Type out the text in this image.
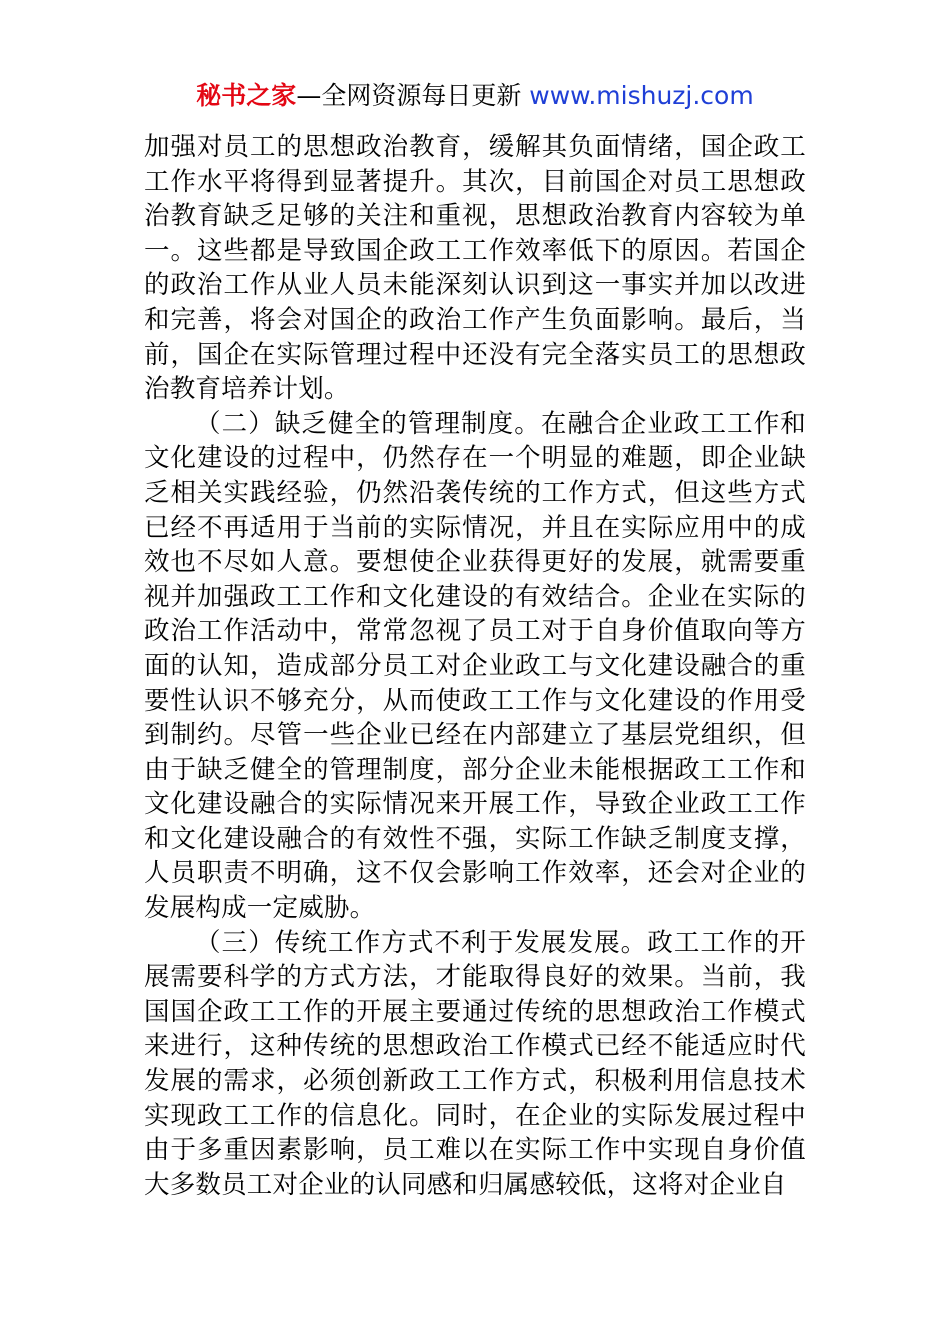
秘书之家—全网资源每日更新 www.mishuzj.com

加强对员工的思想政治教育，缓解其负面情绪，国企政工工作水平将得到显著提升。其次，目前国企对员工思想政治教育缺乏足够的关注和重视，思想政治教育内容较为单一。这些都是导致国企政工工作效率低下的原因。若国企的政治工作从业人员未能深刻认识到这一事实并加以改进和完善，将会对国企的政治工作产生负面影响。最后，当前，国企在实际管理过程中还没有完全落实员工的思想政治教育培养计划。

（二）缺乏健全的管理制度。在融合企业政工工作和文化建设的过程中，仍然存在一个明显的难题，即企业缺乏相关实践经验，仍然沿袭传统的工作方式，但这些方式已经不再适用于当前的实际情况，并且在实际应用中的成效也不尽如人意。要想使企业获得更好的发展，就需要重视并加强政工工作和文化建设的有效结合。企业在实际的政治工作活动中，常常忽视了员工对于自身价值取向等方面的认知，造成部分员工对企业政工与文化建设融合的重要性认识不够充分，从而使政工工作与文化建设的作用受到制约。尽管一些企业已经在内部建立了基层党组织，但由于缺乏健全的管理制度，部分企业未能根据政工工作和文化建设融合的实际情况来开展工作，导致企业政工工作和文化建设融合的有效性不强，实际工作缺乏制度支撑，人员职责不明确，这不仅会影响工作效率，还会对企业的发展构成一定威胁。

（三）传统工作方式不利于发展发展。政工工作的开展需要科学的方式方法，才能取得良好的效果。当前，我国国企政工工作的开展主要通过传统的思想政治工作模式来进行，这种传统的思想政治工作模式已经不能适应时代发展的需求，必须创新政工工作方式，积极利用信息技术实现政工工作的信息化。同时，在企业的实际发展过程中由于多重因素影响，员工难以在实际工作中实现自身价值大多数员工对企业的认同感和归属感较低，这将对企业自
